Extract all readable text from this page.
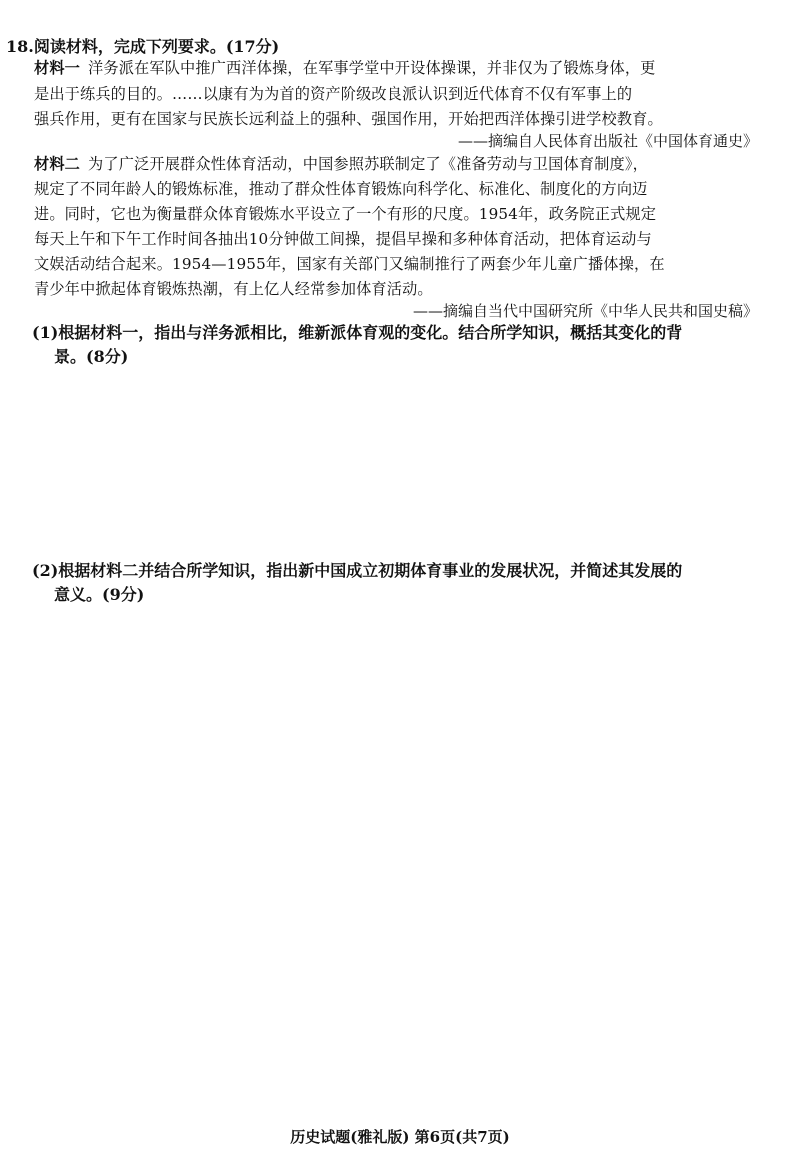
18.阅读材料，完成下列要求。(17分)
材料一 洋务派在军队中推广西洋体操，在军事学堂中开设体操课，并非仅为了锻炼身体，更
是出于练兵的目的。……以康有为为首的资产阶级改良派认识到近代体育不仅有军事上的
强兵作用，更有在国家与民族长远利益上的强种、强国作用，开始把西洋体操引进学校教育。
——摘编自人民体育出版社《中国体育通史》
材料二 为了广泛开展群众性体育活动，中国参照苏联制定了《准备劳动与卫国体育制度》，
规定了不同年龄人的锻炼标准，推动了群众性体育锻炼向科学化、标准化、制度化的方向迈
进。同时，它也为衡量群众体育锻炼水平设立了一个有形的尺度。1954年，政务院正式规定
每天上午和下午工作时间各抽出10分钟做工间操，提倡早操和多种体育活动，把体育运动与
文娱活动结合起来。1954—1955年，国家有关部门又编制推行了两套少年儿童广播体操，在
青少年中掀起体育锻炼热潮，有上亿人经常参加体育活动。
——摘编自当代中国研究所《中华人民共和国史稿》
(1)根据材料一，指出与洋务派相比，维新派体育观的变化。结合所学知识，概括其变化的背
景。(8分)
(2)根据材料二并结合所学知识，指出新中国成立初期体育事业的发展状况，并简述其发展的
意义。(9分)
历史试题(雅礼版) 第6页(共7页)
